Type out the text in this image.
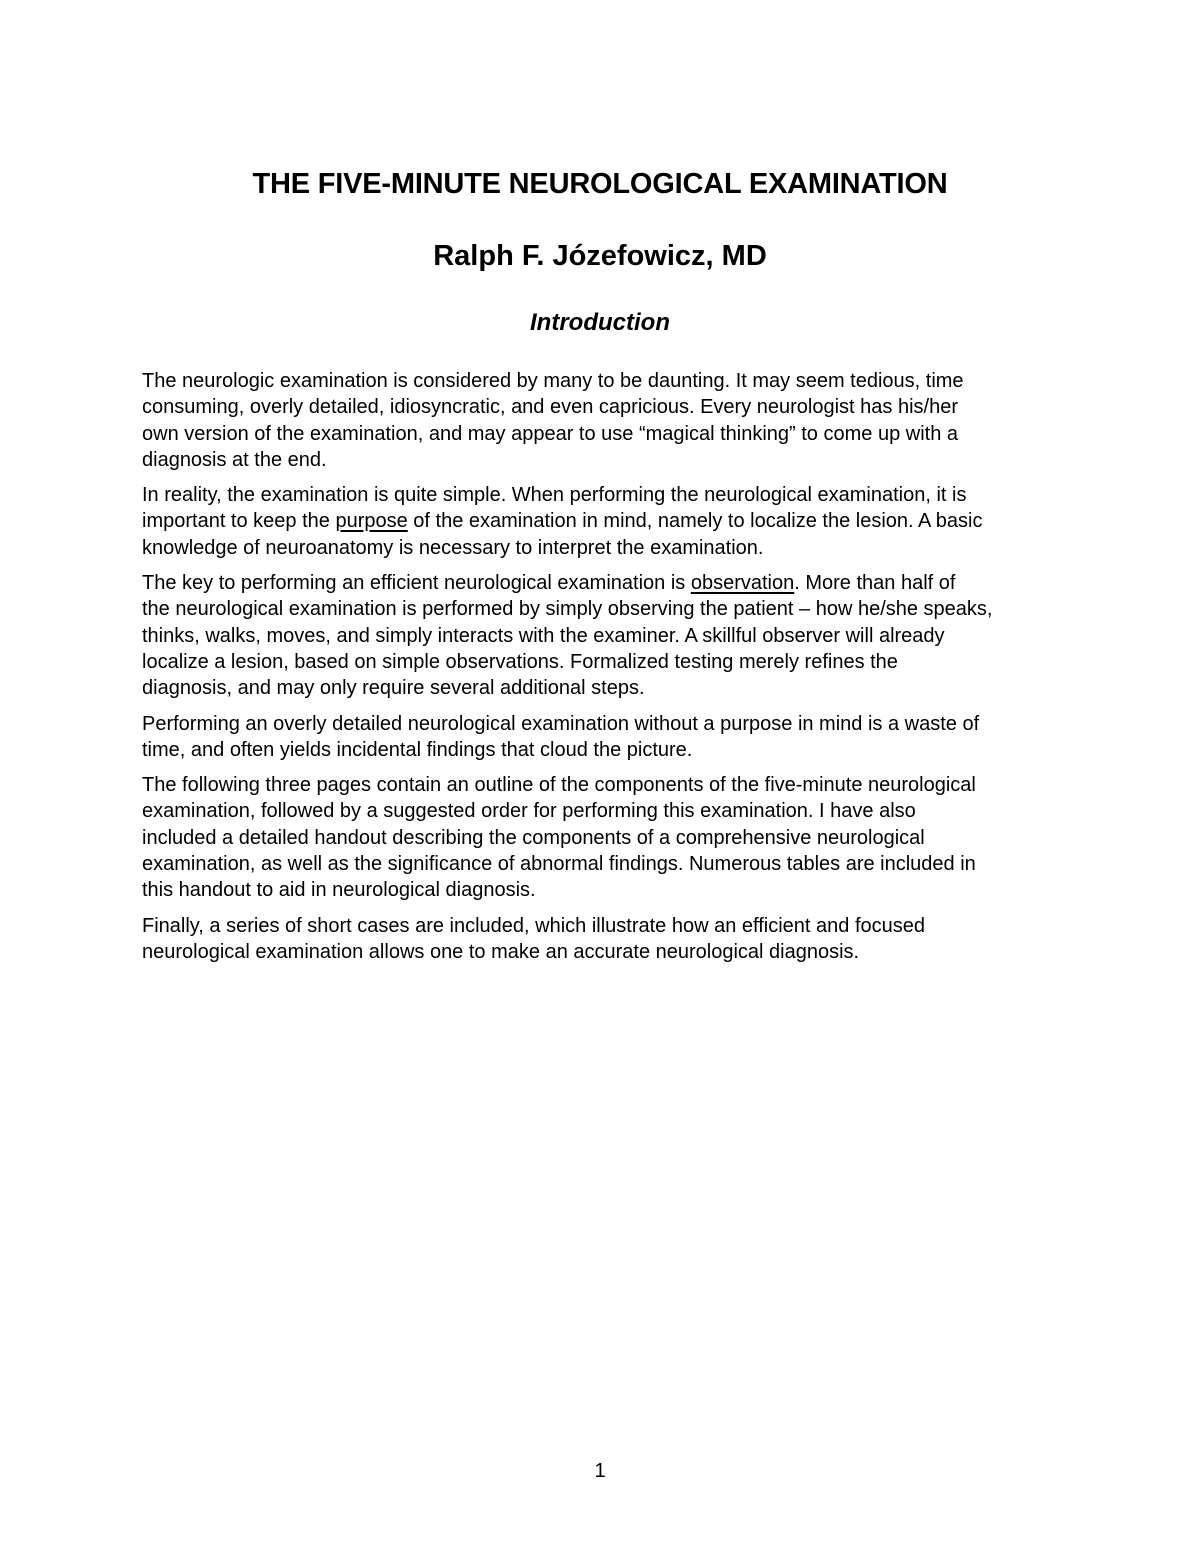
THE FIVE-MINUTE NEUROLOGICAL EXAMINATION
Ralph F. Józefowicz, MD
Introduction

The neurologic examination is considered by many to be daunting. It may seem tedious, time
consuming, overly detailed, idiosyncratic, and even capricious. Every neurologist has his/her
own version of the examination, and may appear to use “magical thinking” to come up with a
diagnosis at the end.

In reality, the examination is quite simple. When performing the neurological examination, it is
important to keep the purpose of the examination in mind, namely to localize the lesion. A basic
knowledge of neuroanatomy is necessary to interpret the examination.

The key to performing an efficient neurological examination is observation. More than half of
the neurological examination is performed by simply observing the patient – how he/she speaks,
thinks, walks, moves, and simply interacts with the examiner. A skillful observer will already
localize a lesion, based on simple observations. Formalized testing merely refines the
diagnosis, and may only require several additional steps.

Performing an overly detailed neurological examination without a purpose in mind is a waste of
time, and often yields incidental findings that cloud the picture.

The following three pages contain an outline of the components of the five-minute neurological
examination, followed by a suggested order for performing this examination. I have also
included a detailed handout describing the components of a comprehensive neurological
examination, as well as the significance of abnormal findings. Numerous tables are included in
this handout to aid in neurological diagnosis.

Finally, a series of short cases are included, which illustrate how an efficient and focused
neurological examination allows one to make an accurate neurological diagnosis.

1
